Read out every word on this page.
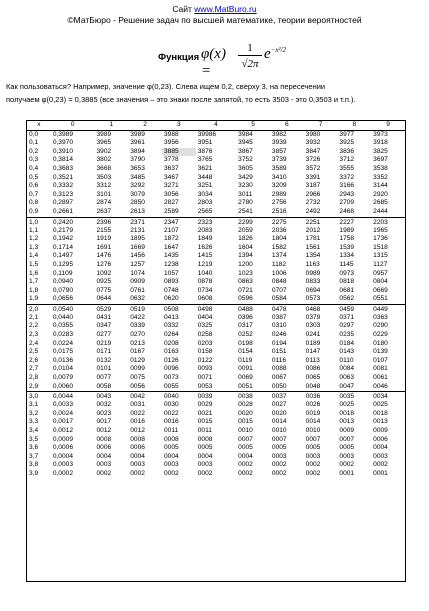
Сайт www.MatBuro.ru
©МатБюро - Решение задач по высшей математике, теории вероятностей
Функция φ(x) =
1
√2π
$e^{-x^2/2}$
Как пользоваться? Например, значение φ(0,23). Слева ищем 0,2, сверху 3, на пересечении
получаем φ(0,23) = 0,3885 (все значения – это знаки после запятой, то есть 3503 - это 0,3503 и т.п.).
x	0	1	2	3	4	5	6	7	8	9
0,0	0,3989	3989	3989	3988	39986	3984	3982	3980	3977	3973
0,1	0,3970	3965	3961	3956	3951	3945	3939	3932	3925	3918
0,2	0,3910	3902	3894	3885	3876	3867	3857	3847	3836	3825
0,3	0,3814	3802	3790	3778	3765	3752	3739	3726	3712	3697
0,4	0,3683	3668	3653	3637	3621	3605	3589	3572	3555	3538
0,5	0,3521	3503	3485	3467	3448	3429	3410	3391	3372	3352
0,6	0,3332	3312	3292	3271	3251	3230	3209	3187	3166	3144
0,7	0,3123	3101	3079	3056	3034	3011	2989	2966	2943	2920
0,8	0,2897	2874	2850	2827	2803	2780	2756	2732	2709	2685
0,9	0,2661	2637	2613	2589	2565	2541	2516	2492	2468	2444
1,0	0,2420	2396	2371	2347	2323	2299	2275	2251	2227	2203
1,1	0,2179	2155	2131	2107	2083	2059	2036	2012	1989	1965
1,2	0,1942	1919	1895	1872	1849	1826	1804	1781	1758	1736
1,3	0,1714	1691	1669	1647	1626	1604	1582	1561	1539	1518
1,4	0,1497	1476	1456	1435	1415	1394	1374	1354	1334	1315
1,5	0,1295	1276	1257	1238	1219	1200	1182	1163	1145	1127
1,6	0,1109	1092	1074	1057	1040	1023	1006	0989	0973	0957
1,7	0,0940	0925	0909	0893	0878	0863	0848	0833	0818	0804
1,8	0,0790	0775	0761	0748	0734	0721	0707	0694	0681	0669
1,9	0,0656	0644	0632	0620	0608	0596	0584	0573	0562	0551
2,0	0,0540	0529	0519	0508	0498	0488	0478	0468	0459	0449
2,1	0,0440	0431	0422	0413	0404	0396	0387	0379	0371	0363
2,2	0,0355	0347	0339	0332	0325	0317	0310	0303	0297	0290
2,3	0,0283	0277	0270	0264	0258	0252	0246	0241	0235	0229
2,4	0,0224	0219	0213	0208	0203	0198	0194	0189	0184	0180
2,5	0,0175	0171	0167	0163	0158	0154	0151	0147	0143	0139
2,6	0,0136	0132	0129	0126	0122	0119	0116	0113	0110	0107
2,7	0,0104	0101	0099	0096	0093	0091	0088	0086	0084	0081
2,8	0,0079	0077	0075	0073	0071	0069	0067	0065	0063	0061
2,9	0,0060	0058	0056	0055	0053	0051	0050	0048	0047	0046
3,0	0,0044	0043	0042	0040	0039	0038	0037	0036	0035	0034
3,1	0,0033	0032	0031	0030	0029	0028	0027	0026	0025	0025
3,2	0,0024	0023	0022	0022	0021	0020	0020	0019	0018	0018
3,3	0,0017	0017	0016	0016	0015	0015	0014	0014	0013	0013
3,4	0,0012	0012	0012	0011	0011	0010	0010	0010	0009	0009
3,5	0,0009	0008	0008	0008	0008	0007	0007	0007	0007	0006
3,6	0,0006	0006	0006	0005	0005	0005	0005	0005	0005	0004
3,7	0,0004	0004	0004	0004	0004	0004	0003	0003	0003	0003
3,8	0,0003	0003	0003	0003	0003	0002	0002	0002	0002	0002
3,9	0,0002	0002	0002	0002	0002	0002	0002	0002	0001	0001
